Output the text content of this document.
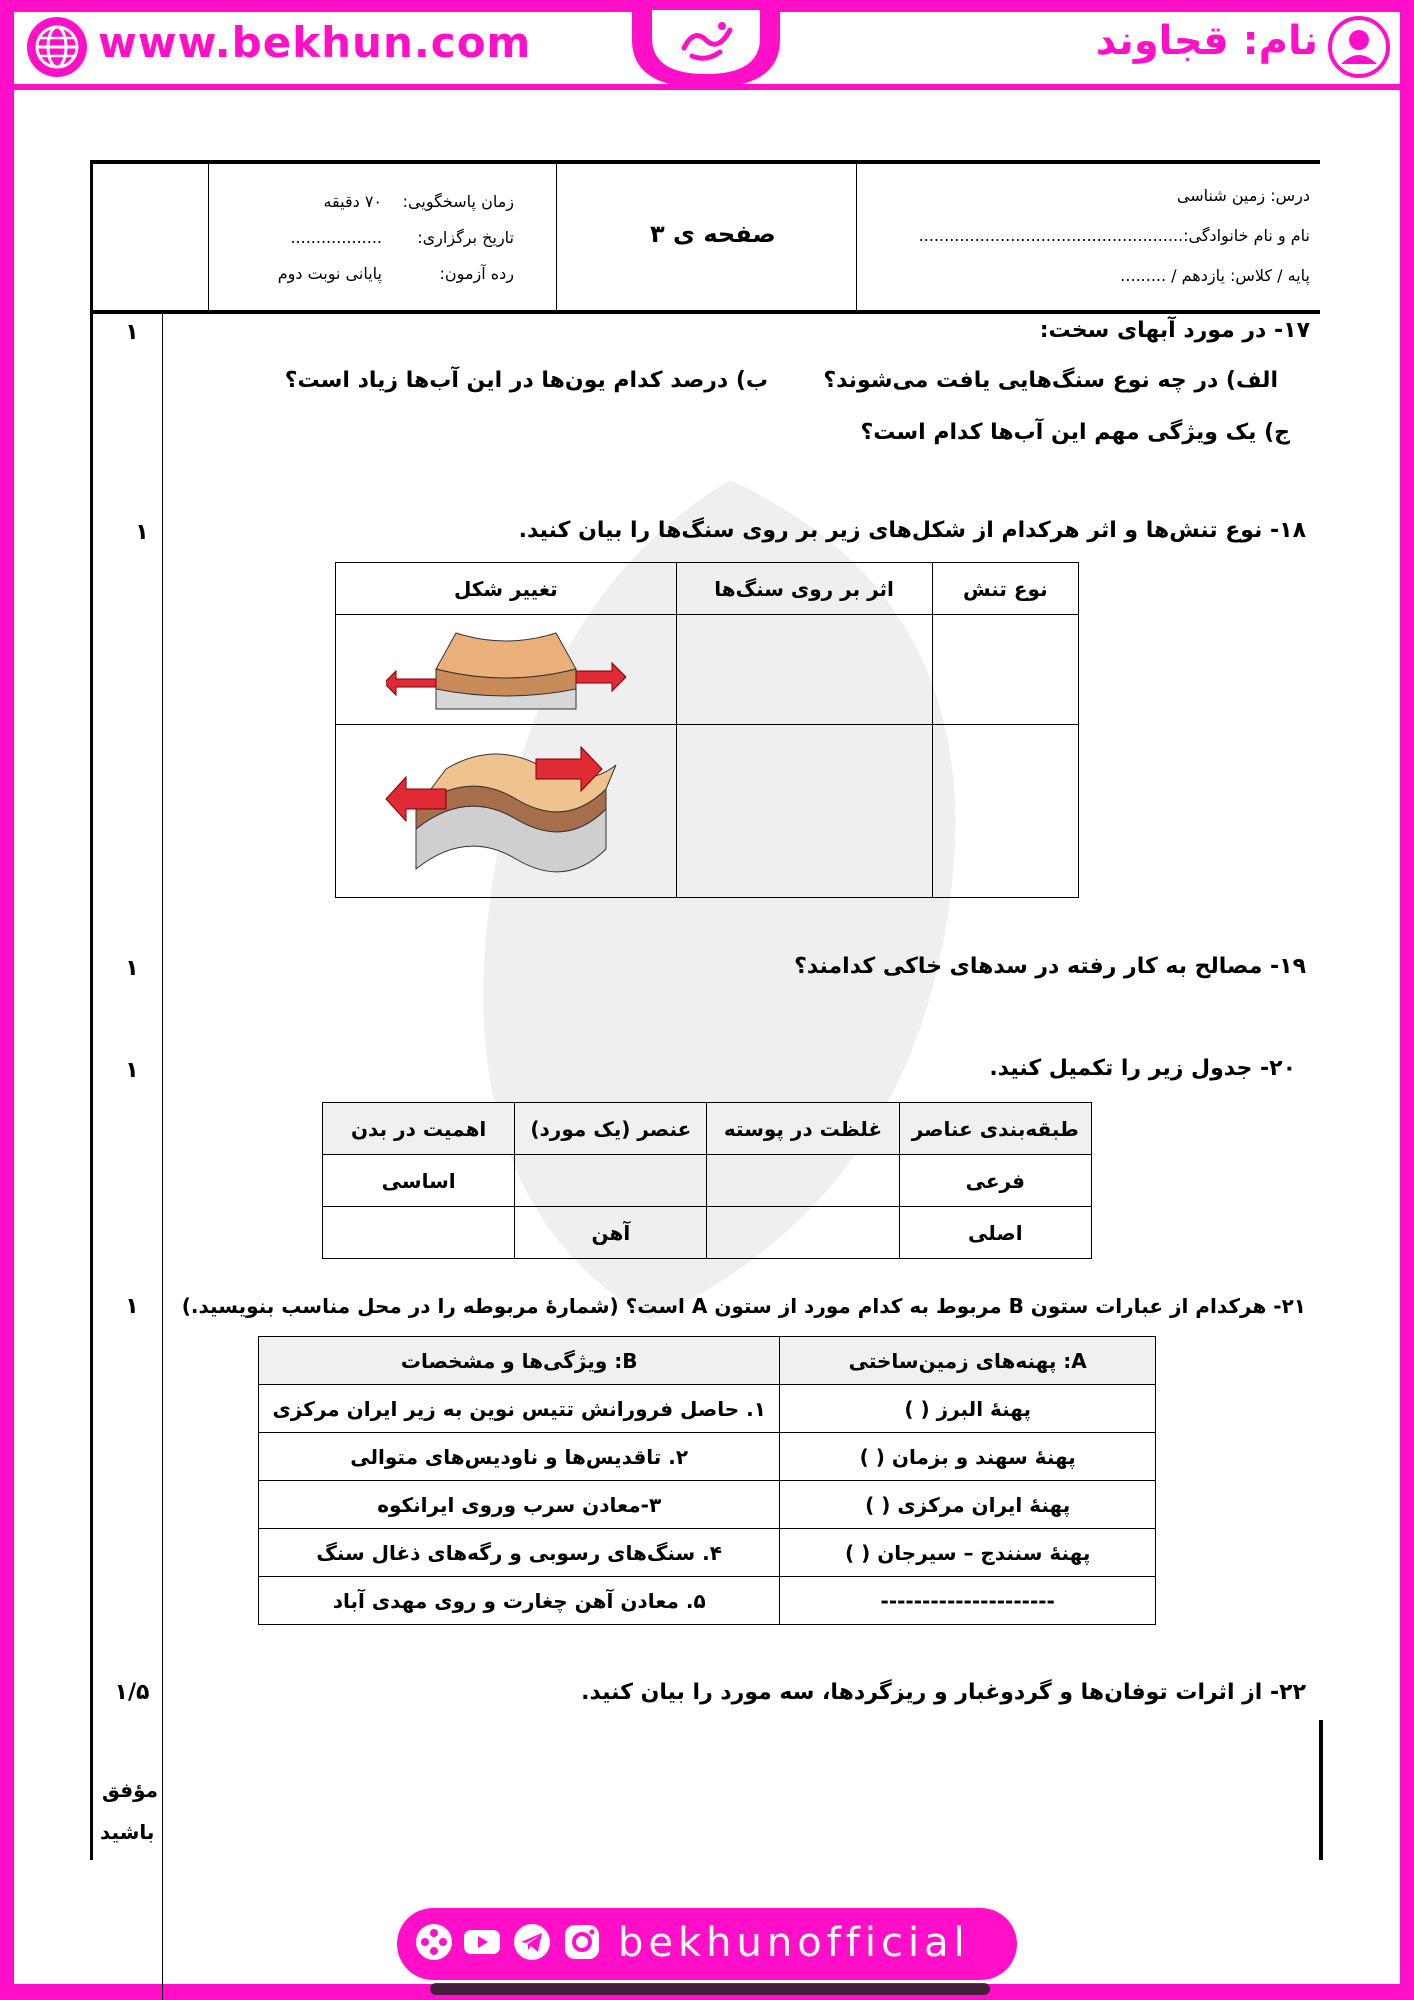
www.bekhun.com	نام: قجاوند
درس: زمین شناسی
نام و نام خانوادگی:....................................................
پایه / کلاس: یازدهم / .........
صفحه ی ۳
زمان پاسخگویی:
۷۰ دقیقه
تاریخ برگزاری:
..................
رده آزمون:
پایانی نوبت دوم
۱	۱۷- در مورد آبهای سخت:
الف) در چه نوع سنگ‌هایی یافت می‌شوند؟
ب) درصد کدام یون‌ها در این آب‌ها زیاد است؟
ج) یک ویژگی مهم این آب‌ها کدام است؟
۱	۱۸- نوع تنش‌ها و اثر هرکدام از شکل‌های زیر بر روی سنگ‌ها را بیان کنید.
نوع تنش	اثر بر روی سنگ‌ها	تغییر شکل

۱	۱۹- مصالح به کار رفته در سدهای خاکی کدامند؟
۱	۲۰- جدول زیر را تکمیل کنید.
طبقه‌بندی عناصر	غلظت در پوسته	عنصر (یک مورد)	اهمیت در بدن
فرعی			اساسی
اصلی		آهن	
۱	۲۱- هرکدام از عبارات ستون B مربوط به کدام مورد از ستون A است؟ (شمارهٔ مربوطه را در محل مناسب بنویسید.)
A: پهنه‌های زمین‌ساختی	B: ویژگی‌ها و مشخصات
پهنهٔ البرز ( )	۱. حاصل فرورانش تتیس نوین به زیر ایران مرکزی
پهنهٔ سهند و بزمان ( )	۲. تاقدیس‌ها و ناودیس‌های متوالی
پهنهٔ ایران مرکزی ( )	۳-معادن سرب وروی ایرانکوه
پهنهٔ سنندج – سیرجان ( )	۴. سنگ‌های رسوبی و رگه‌های ذغال سنگ
---------------------	۵. معادن آهن چغارت و روی مهدی آباد
۱/۵	۲۲- از اثرات توفان‌ها و گردوغبار و ریزگردها، سه مورد را بیان کنید.
مؤفق
باشید
bekhunofficial
